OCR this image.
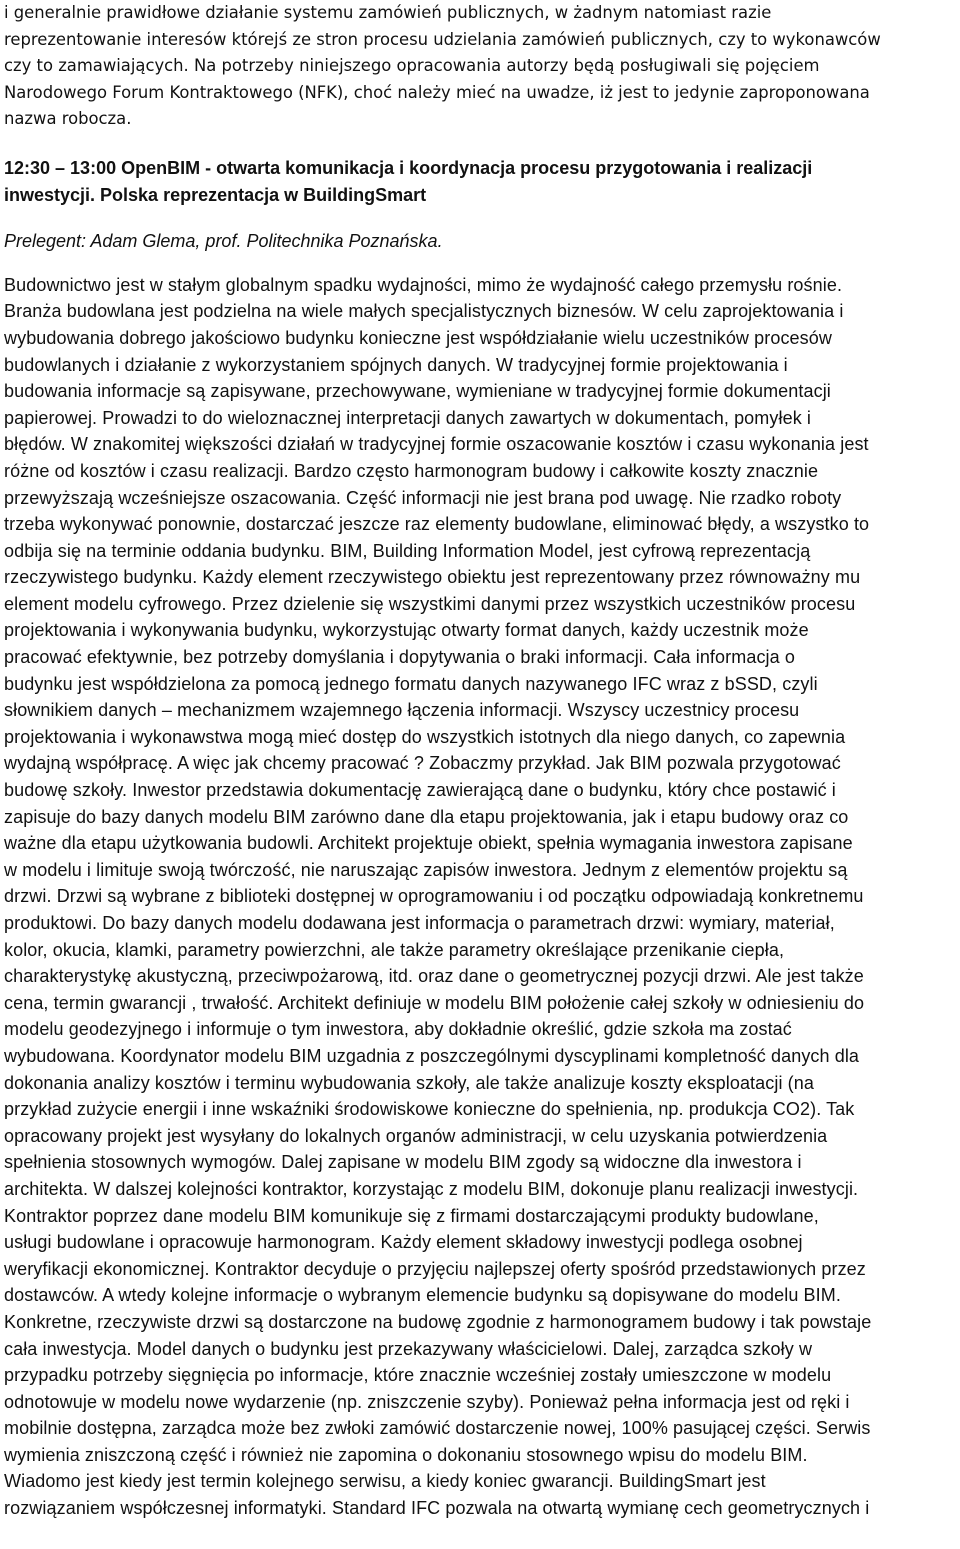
i generalnie prawidłowe działanie systemu zamówień publicznych, w żadnym natomiast razie
reprezentowanie interesów którejś ze stron procesu udzielania zamówień publicznych, czy to wykonawców
czy to zamawiających. Na potrzeby niniejszego opracowania autorzy będą posługiwali się pojęciem
Narodowego Forum Kontraktowego (NFK), choć należy mieć na uwadze, iż jest to jedynie zaproponowana
nazwa robocza.
12:30 – 13:00 OpenBIM - otwarta komunikacja i koordynacja procesu przygotowania i realizacji
inwestycji. Polska reprezentacja w BuildingSmart
Prelegent: Adam Glema, prof. Politechnika Poznańska.
Budownictwo jest w stałym globalnym spadku wydajności, mimo że wydajność całego przemysłu rośnie.
Branża budowlana jest podzielna na wiele małych specjalistycznych biznesów. W celu zaprojektowania i
wybudowania dobrego jakościowo budynku konieczne jest współdziałanie wielu uczestników procesów
budowlanych i działanie z wykorzystaniem spójnych danych. W tradycyjnej formie projektowania i
budowania informacje są zapisywane, przechowywane, wymieniane w tradycyjnej formie dokumentacji
papierowej. Prowadzi to do wieloznacznej interpretacji danych zawartych w dokumentach, pomyłek i
błędów. W znakomitej większości działań w tradycyjnej formie oszacowanie kosztów i czasu wykonania jest
różne od kosztów i czasu realizacji. Bardzo często harmonogram budowy i całkowite koszty znacznie
przewyższają wcześniejsze oszacowania. Część informacji nie jest brana pod uwagę. Nie rzadko roboty
trzeba wykonywać ponownie, dostarczać jeszcze raz elementy budowlane, eliminować błędy, a wszystko to
odbija się na terminie oddania budynku. BIM, Building Information Model, jest cyfrową reprezentacją
rzeczywistego budynku. Każdy element rzeczywistego obiektu jest reprezentowany przez równoważny mu
element modelu cyfrowego. Przez dzielenie się wszystkimi danymi przez wszystkich uczestników procesu
projektowania i wykonywania budynku, wykorzystując otwarty format danych, każdy uczestnik może
pracować efektywnie, bez potrzeby domyślania i dopytywania o braki informacji. Cała informacja o
budynku jest współdzielona za pomocą jednego formatu danych nazywanego IFC wraz z bSSD, czyli
słownikiem danych – mechanizmem wzajemnego łączenia informacji. Wszyscy uczestnicy procesu
projektowania i wykonawstwa mogą mieć dostęp do wszystkich istotnych dla niego danych, co zapewnia
wydajną współpracę. A więc jak chcemy pracować ? Zobaczmy przykład. Jak BIM pozwala przygotować
budowę szkoły. Inwestor przedstawia dokumentację zawierającą dane o budynku, który chce postawić i
zapisuje do bazy danych modelu BIM zarówno dane dla etapu projektowania, jak i etapu budowy oraz co
ważne dla etapu użytkowania budowli. Architekt projektuje obiekt, spełnia wymagania inwestora zapisane
w modelu i limituje swoją twórczość, nie naruszając zapisów inwestora. Jednym z elementów projektu są
drzwi. Drzwi są wybrane z biblioteki dostępnej w oprogramowaniu i od początku odpowiadają konkretnemu
produktowi. Do bazy danych modelu dodawana jest informacja o parametrach drzwi: wymiary, materiał,
kolor, okucia, klamki, parametry powierzchni, ale także parametry określające przenikanie ciepła,
charakterystykę akustyczną, przeciwpożarową, itd. oraz dane o geometrycznej pozycji drzwi. Ale jest także
cena, termin gwarancji , trwałość. Architekt definiuje w modelu BIM położenie całej szkoły w odniesieniu do
modelu geodezyjnego i informuje o tym inwestora, aby dokładnie określić, gdzie szkoła ma zostać
wybudowana. Koordynator modelu BIM uzgadnia z poszczególnymi dyscyplinami kompletność danych dla
dokonania analizy kosztów i terminu wybudowania szkoły, ale także analizuje koszty eksploatacji (na
przykład zużycie energii i inne wskaźniki środowiskowe konieczne do spełnienia, np. produkcja CO2). Tak
opracowany projekt jest wysyłany do lokalnych organów administracji, w celu uzyskania potwierdzenia
spełnienia stosownych wymogów. Dalej zapisane w modelu BIM zgody są widoczne dla inwestora i
architekta. W dalszej kolejności kontraktor, korzystając z modelu BIM, dokonuje planu realizacji inwestycji.
Kontraktor poprzez dane modelu BIM komunikuje się z firmami dostarczającymi produkty budowlane,
usługi budowlane i opracowuje harmonogram. Każdy element składowy inwestycji podlega osobnej
weryfikacji ekonomicznej. Kontraktor decyduje o przyjęciu najlepszej oferty spośród przedstawionych przez
dostawców. A wtedy kolejne informacje o wybranym elemencie budynku są dopisywane do modelu BIM.
Konkretne, rzeczywiste drzwi są dostarczone na budowę zgodnie z harmonogramem budowy i tak powstaje
cała inwestycja. Model danych o budynku jest przekazywany właścicielowi. Dalej, zarządca szkoły w
przypadku potrzeby sięgnięcia po informacje, które znacznie wcześniej zostały umieszczone w modelu
odnotowuje w modelu nowe wydarzenie (np. zniszczenie szyby). Ponieważ pełna informacja jest od ręki i
mobilnie dostępna, zarządca może bez zwłoki zamówić dostarczenie nowej, 100% pasującej części. Serwis
wymienia zniszczoną część i również nie zapomina o dokonaniu stosownego wpisu do modelu BIM.
Wiadomo jest kiedy jest termin kolejnego serwisu, a kiedy koniec gwarancji. BuildingSmart jest
rozwiązaniem współczesnej informatyki. Standard IFC pozwala na otwartą wymianę cech geometrycznych i
